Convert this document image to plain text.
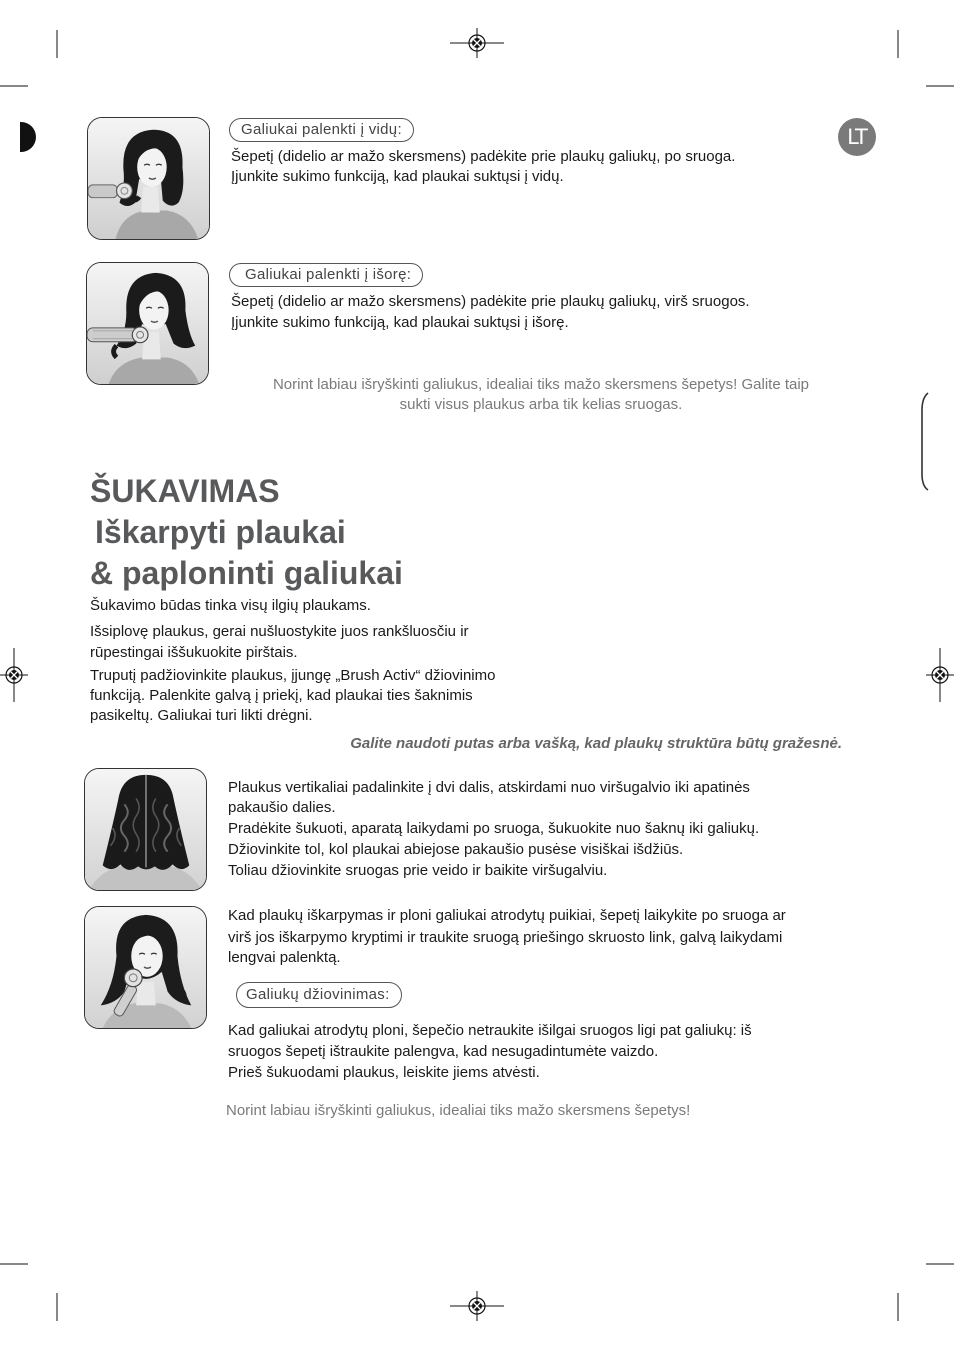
LT
Galiukai palenkti į vidų:
Šepetį (didelio ar mažo skersmens) padėkite prie plaukų galiukų, po sruoga.
Įjunkite sukimo funkciją, kad plaukai suktųsi į vidų.
Galiukai palenkti į išorę:
Šepetį (didelio ar mažo skersmens) padėkite prie plaukų galiukų, virš sruogos.
Įjunkite sukimo funkciją, kad plaukai suktųsi į išorę.
Norint labiau išryškinti galiukus, idealiai tiks mažo skersmens šepetys! Galite taip
sukti visus plaukus arba tik kelias sruogas.
ŠUKAVIMAS
Iškarpyti plaukai
& paploninti galiukai
Šukavimo būdas tinka visų ilgių plaukams.
Išsiplovę plaukus, gerai nušluostykite juos rankšluosčiu ir
rūpestingai iššukuokite pirštais.
Truputį padžiovinkite plaukus, įjungę „Brush Activ“ džiovinimo
funkciją. Palenkite galvą į priekį, kad plaukai ties šaknimis
pasikeltų. Galiukai turi likti drėgni.
Galite naudoti putas arba vašką, kad plaukų struktūra būtų gražesnė.
Plaukus vertikaliai padalinkite į dvi dalis, atskirdami nuo viršugalvio iki apatinės
pakaušio dalies.
Pradėkite šukuoti, aparatą laikydami po sruoga, šukuokite nuo šaknų iki galiukų.
Džiovinkite tol, kol plaukai abiejose pakaušio pusėse visiškai išdžiūs.
Toliau džiovinkite sruogas prie veido ir baikite viršugalviu.
Kad plaukų iškarpymas ir ploni galiukai atrodytų puikiai, šepetį laikykite po sruoga ar
virš jos iškarpymo kryptimi ir traukite sruogą priešingo skruosto link, galvą laikydami
lengvai palenktą.
Galiukų džiovinimas:
Kad galiukai atrodytų ploni, šepečio netraukite išilgai sruogos ligi pat galiukų: iš
sruogos šepetį ištraukite palengva, kad nesugadintumėte vaizdo.
Prieš šukuodami plaukus, leiskite jiems atvėsti.
Norint labiau išryškinti galiukus, idealiai tiks mažo skersmens šepetys!
